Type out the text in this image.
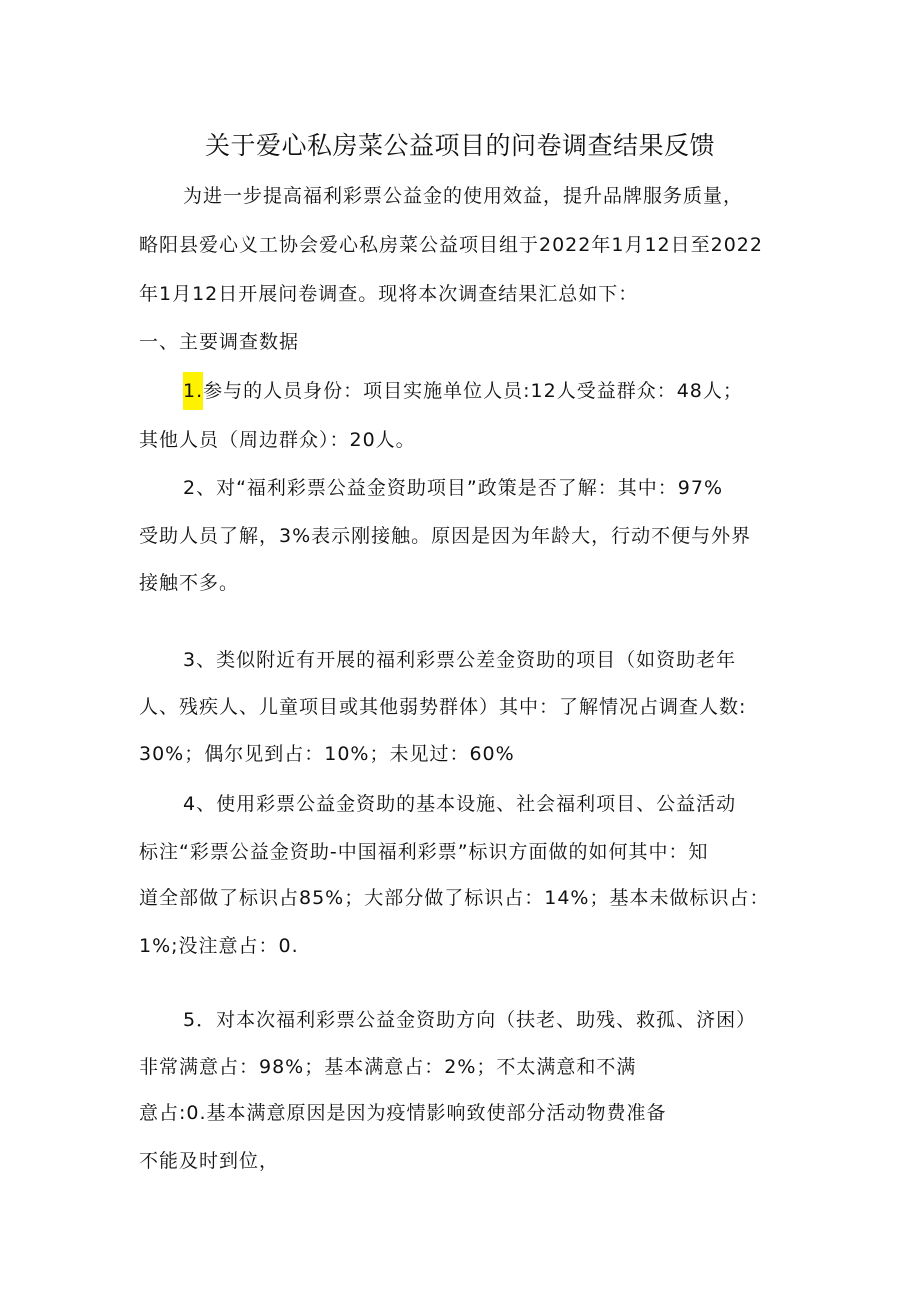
关于爱心私房菜公益项目的问卷调查结果反馈
为进一步提高福利彩票公益金的使用效益，提升品牌服务质量，
略阳县爱心义工协会爱心私房菜公益项目组于2022年1月12日至2022
年1月12日开展问卷调查。现将本次调查结果汇总如下：
一、主要调查数据
1.参与的人员身份：项目实施单位人员:12人受益群众：48人；
其他人员（周边群众）：20人。
2、对“福利彩票公益金资助项目”政策是否了解：其中：97%
受助人员了解，3%表示刚接触。原因是因为年龄大，行动不便与外界
接触不多。
3、类似附近有开展的福利彩票公差金资助的项目（如资助老年
人、残疾人、儿童项目或其他弱势群体）其中：了解情况占调查人数:
30%；偶尔见到占：10%；未见过：60%
4、使用彩票公益金资助的基本设施、社会福利项目、公益活动
标注“彩票公益金资助-中国福利彩票”标识方面做的如何其中：知
道全部做了标识占85%；大部分做了标识占：14%；基本未做标识占：
1%;没注意占：0.
5．对本次福利彩票公益金资助方向（扶老、助残、救孤、济困）
非常满意占：98%；基本满意占：2%；不太满意和不满
意占:0.基本满意原因是因为疫情影响致使部分活动物费准备
不能及时到位，
